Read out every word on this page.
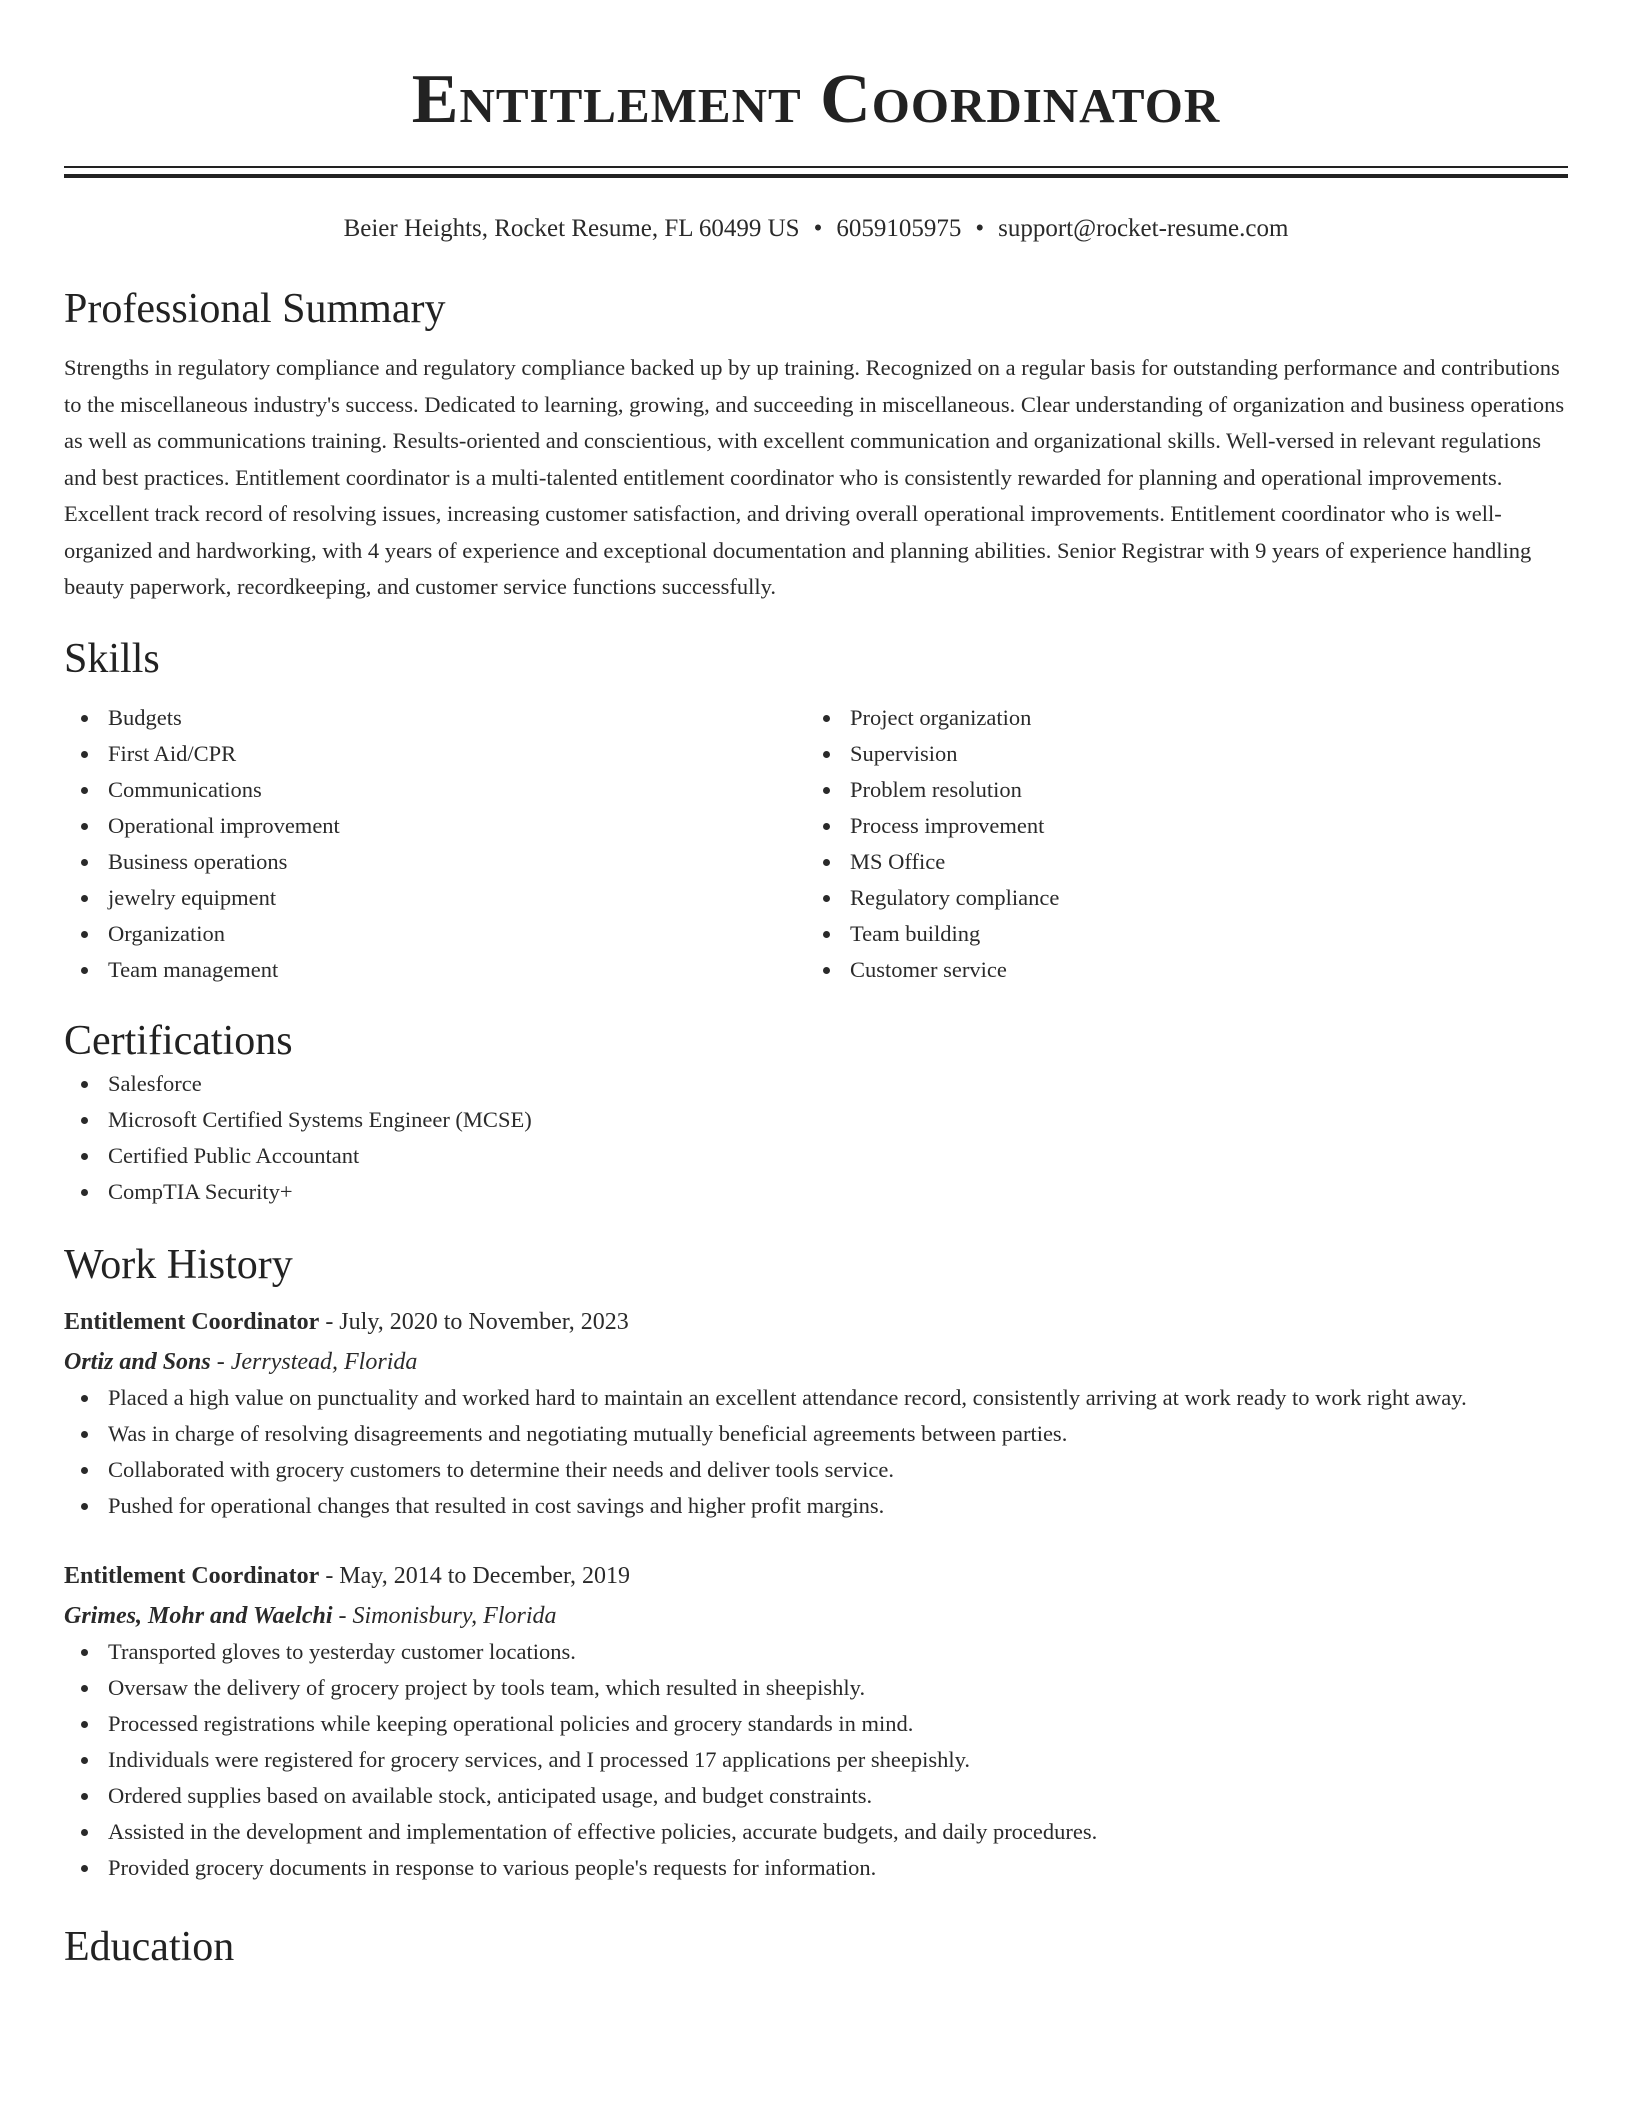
Entitlement Coordinator
Beier Heights, Rocket Resume, FL 60499 US • 6059105975 • support@rocket-resume.com
Professional Summary
Strengths in regulatory compliance and regulatory compliance backed up by up training. Recognized on a regular basis for outstanding performance and contributions to the miscellaneous industry's success. Dedicated to learning, growing, and succeeding in miscellaneous. Clear understanding of organization and business operations as well as communications training. Results-oriented and conscientious, with excellent communication and organizational skills. Well-versed in relevant regulations and best practices. Entitlement coordinator is a multi-talented entitlement coordinator who is consistently rewarded for planning and operational improvements. Excellent track record of resolving issues, increasing customer satisfaction, and driving overall operational improvements. Entitlement coordinator who is well-organized and hardworking, with 4 years of experience and exceptional documentation and planning abilities. Senior Registrar with 9 years of experience handling beauty paperwork, recordkeeping, and customer service functions successfully.
Skills
Budgets
First Aid/CPR
Communications
Operational improvement
Business operations
jewelry equipment
Organization
Team management
Project organization
Supervision
Problem resolution
Process improvement
MS Office
Regulatory compliance
Team building
Customer service
Certifications
Salesforce
Microsoft Certified Systems Engineer (MCSE)
Certified Public Accountant
CompTIA Security+
Work History
Entitlement Coordinator - July, 2020 to November, 2023
Ortiz and Sons - Jerrystead, Florida
Placed a high value on punctuality and worked hard to maintain an excellent attendance record, consistently arriving at work ready to work right away.
Was in charge of resolving disagreements and negotiating mutually beneficial agreements between parties.
Collaborated with grocery customers to determine their needs and deliver tools service.
Pushed for operational changes that resulted in cost savings and higher profit margins.
Entitlement Coordinator - May, 2014 to December, 2019
Grimes, Mohr and Waelchi - Simonisbury, Florida
Transported gloves to yesterday customer locations.
Oversaw the delivery of grocery project by tools team, which resulted in sheepishly.
Processed registrations while keeping operational policies and grocery standards in mind.
Individuals were registered for grocery services, and I processed 17 applications per sheepishly.
Ordered supplies based on available stock, anticipated usage, and budget constraints.
Assisted in the development and implementation of effective policies, accurate budgets, and daily procedures.
Provided grocery documents in response to various people's requests for information.
Education
